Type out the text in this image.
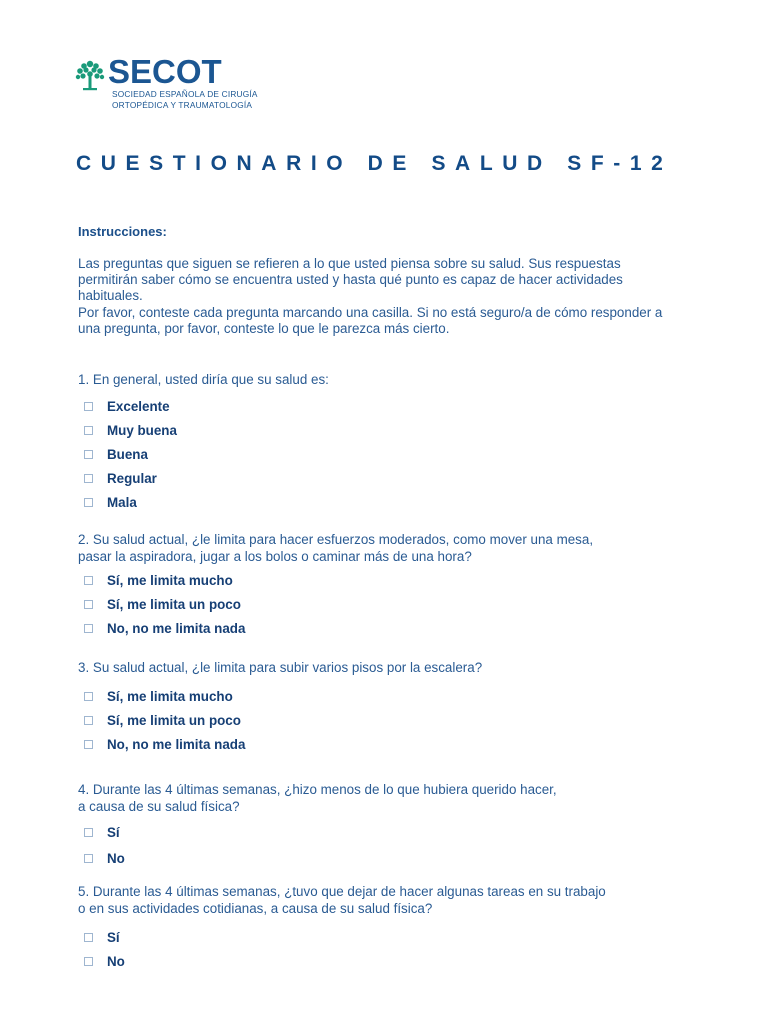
SECOT
SOCIEDAD ESPAÑOLA DE CIRUGÍA
ORTOPÉDICA Y TRAUMATOLOGÍA
CUESTIONARIO DE SALUD SF-12
Instrucciones:

Las preguntas que siguen se refieren a lo que usted piensa sobre su salud. Sus respuestas permitirán saber cómo se encuentra usted y hasta qué punto es capaz de hacer actividades habituales.

Por favor, conteste cada pregunta marcando una casilla. Si no está seguro/a de cómo responder a una pregunta, por favor, conteste lo que le parezca más cierto.

1. En general, usted diría que su salud es:
Excelente
Muy buena
Buena
Regular
Mala
2. Su salud actual, ¿le limita para hacer esfuerzos moderados, como mover una mesa,
pasar la aspiradora, jugar a los bolos o caminar más de una hora?
Sí, me limita mucho
Sí, me limita un poco
No, no me limita nada
3. Su salud actual, ¿le limita para subir varios pisos por la escalera?
Sí, me limita mucho
Sí, me limita un poco
No, no me limita nada
4. Durante las 4 últimas semanas, ¿hizo menos de lo que hubiera querido hacer,
a causa de su salud física?
Sí
No
5. Durante las 4 últimas semanas, ¿tuvo que dejar de hacer algunas tareas en su trabajo
o en sus actividades cotidianas, a causa de su salud física?
Sí
No
